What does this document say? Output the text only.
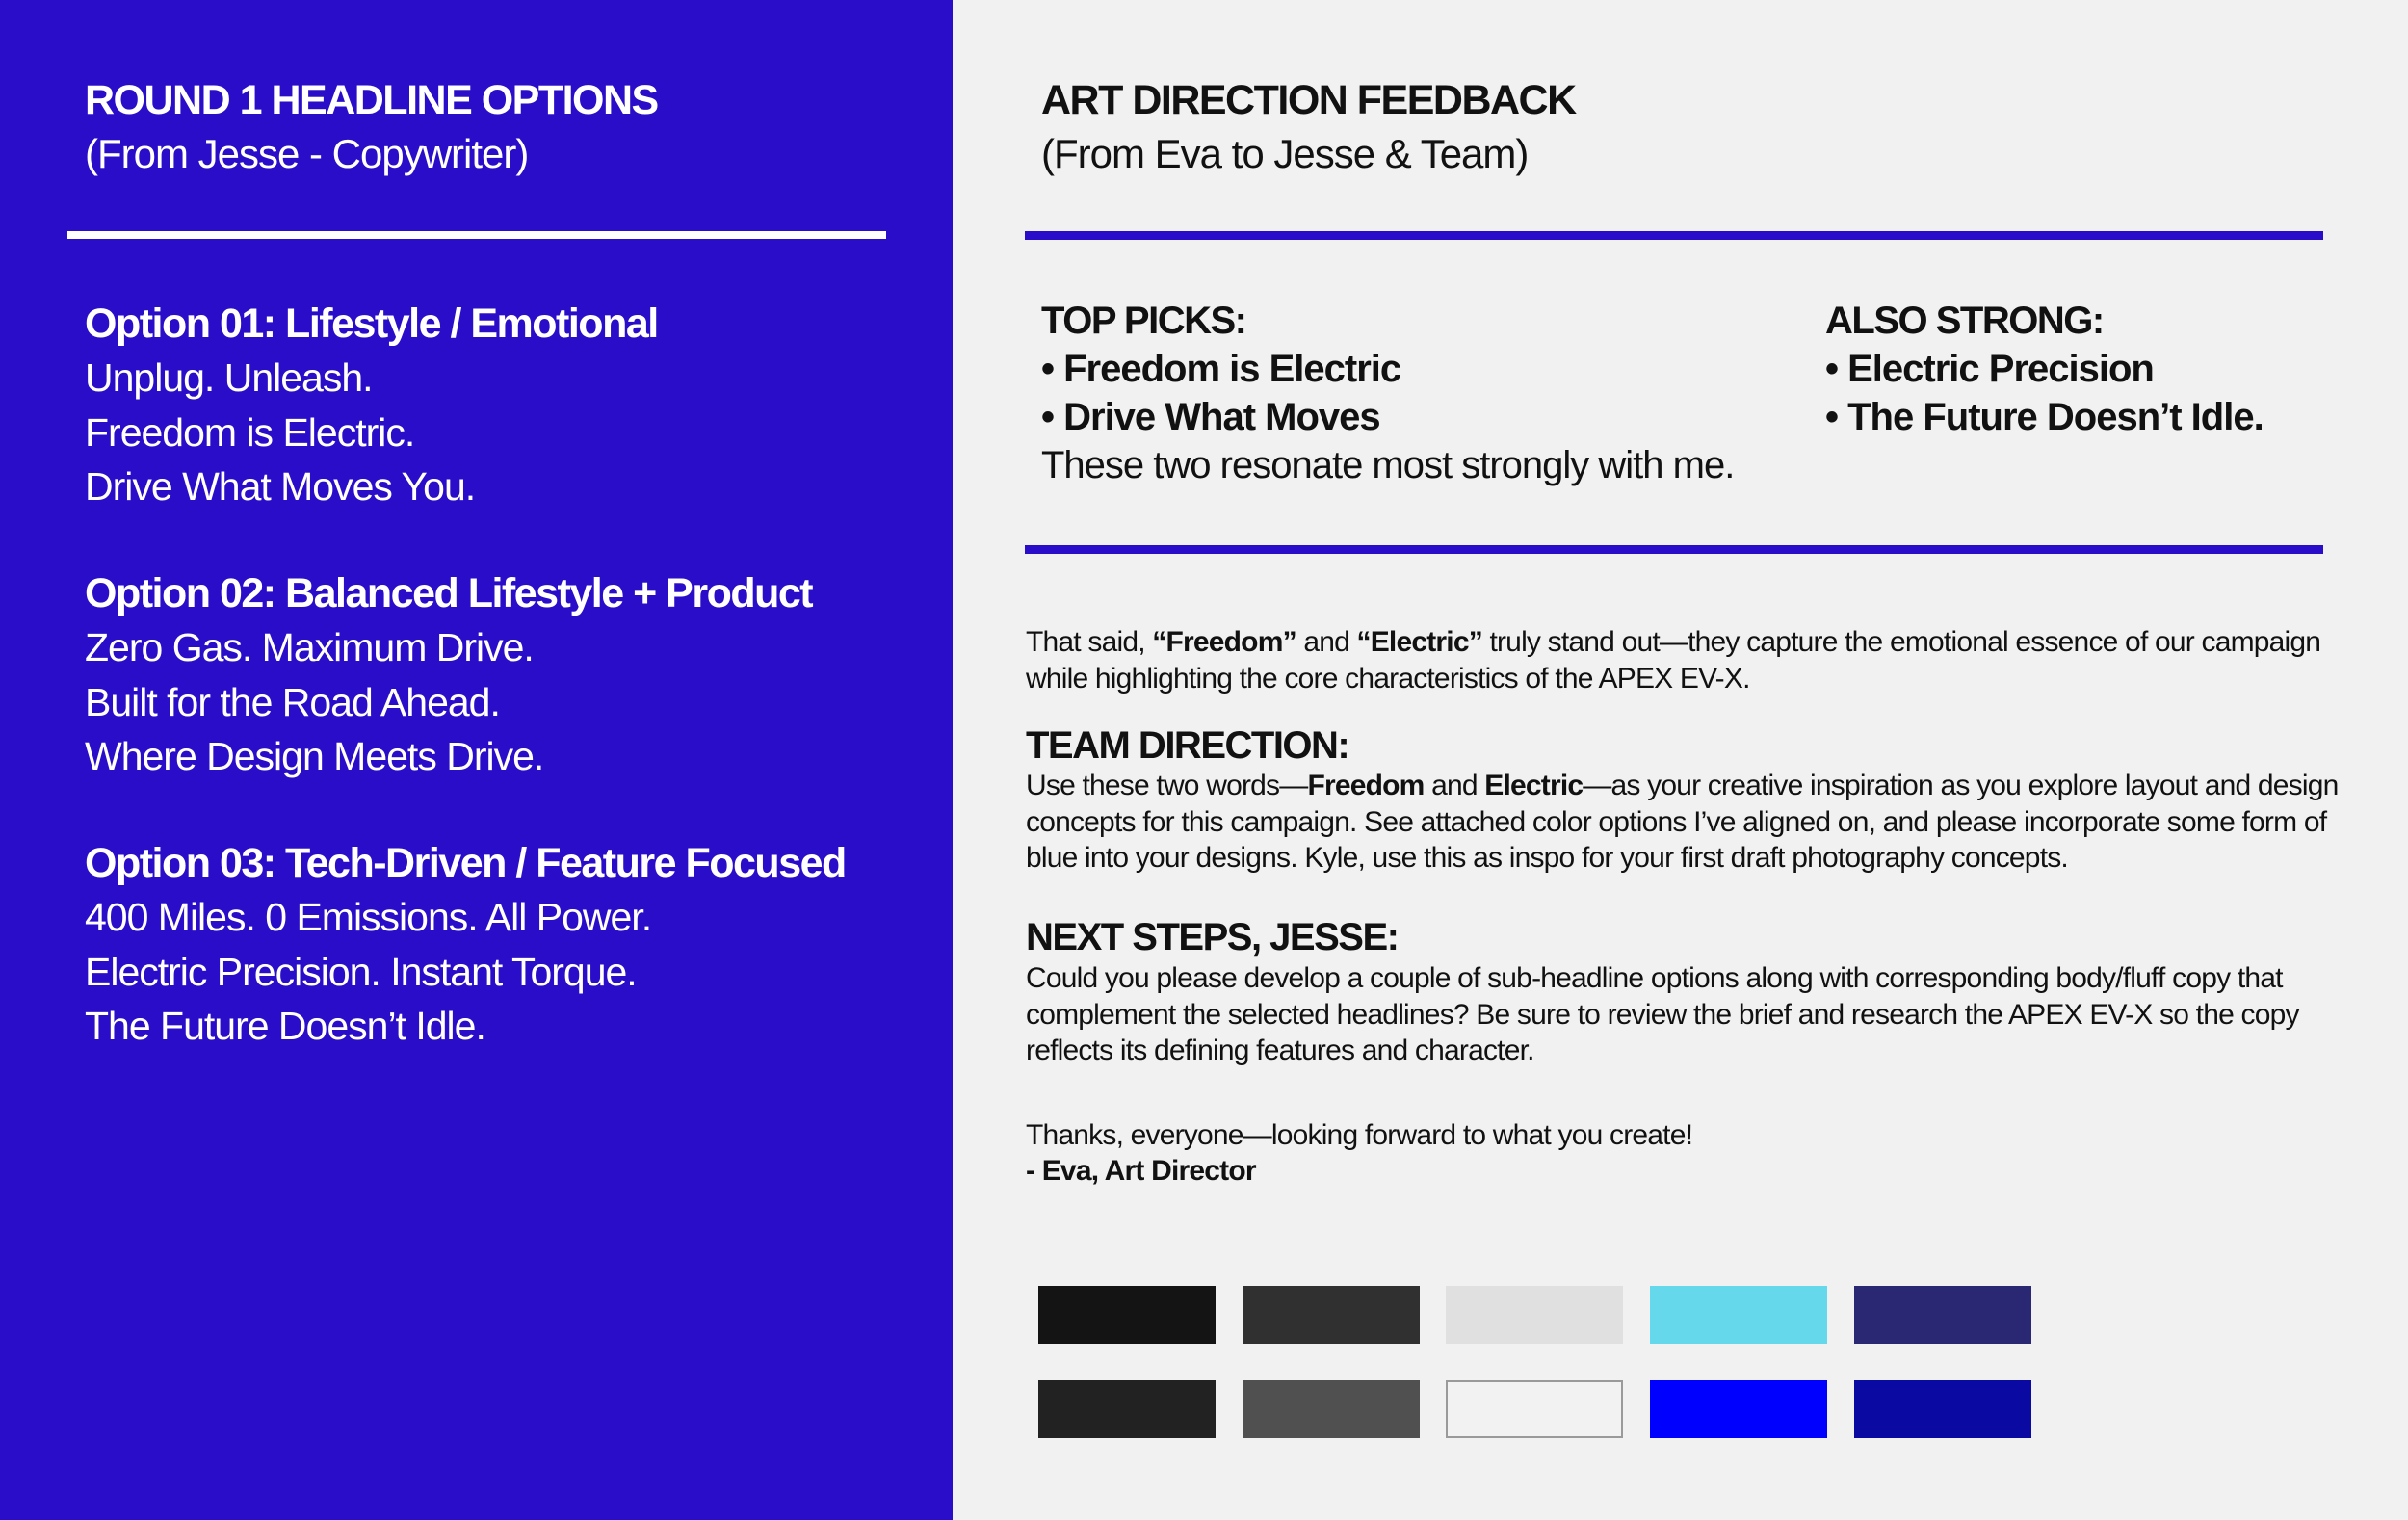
ROUND 1 HEADLINE OPTIONS
(From Jesse - Copywriter)
Option 01: Lifestyle / Emotional
Unplug. Unleash.
Freedom is Electric.
Drive What Moves You.
Option 02: Balanced Lifestyle + Product
Zero Gas. Maximum Drive.
Built for the Road Ahead.
Where Design Meets Drive.
Option 03: Tech-Driven / Feature Focused
400 Miles. 0 Emissions. All Power.
Electric Precision. Instant Torque.
The Future Doesn’t Idle.
ART DIRECTION FEEDBACK
(From Eva to Jesse & Team)
TOP PICKS:
• Freedom is Electric
• Drive What Moves
These two resonate most strongly with me.
ALSO STRONG:
• Electric Precision
• The Future Doesn’t Idle.

That said, “Freedom” and “Electric” truly stand out—they capture the emotional essence of our campaign while highlighting the core characteristics of the APEX EV-X.

TEAM DIRECTION:

Use these two words—Freedom and Electric—as your creative inspiration as you explore layout and design concepts for this campaign. See attached color options I’ve aligned on, and please incorporate some form of blue into your designs. Kyle, use this as inspo for your first draft photography concepts.

NEXT STEPS, JESSE:

Could you please develop a couple of sub-headline options along with corresponding body/fluff copy that complement the selected headlines? Be sure to review the brief and research the APEX EV-X so the copy reflects its defining features and character.

Thanks, everyone—looking forward to what you create!

- Eva, Art Director
